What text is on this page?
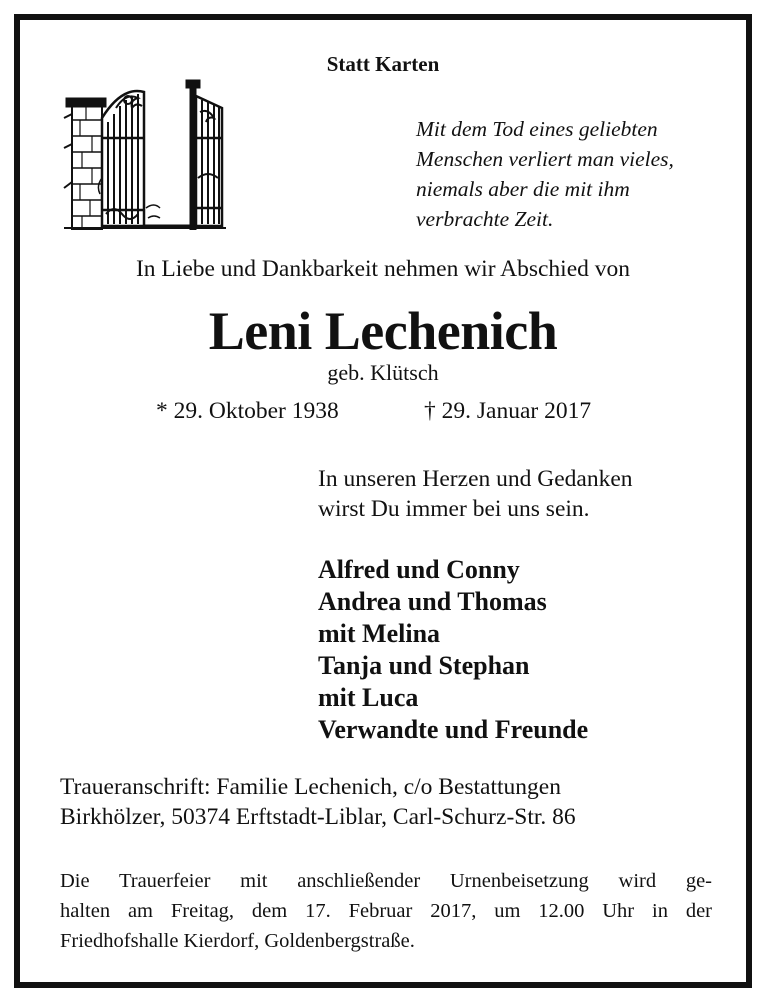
Statt Karten
Mit dem Tod eines geliebten
Menschen verliert man vieles,
niemals aber die mit ihm
verbrachte Zeit.
In Liebe und Dankbarkeit nehmen wir Abschied von
Leni Lechenich
geb. Klütsch
* 29. Oktober 1938	† 29. Januar 2017
In unseren Herzen und Gedanken
wirst Du immer bei uns sein.
Alfred und Conny
Andrea und Thomas
mit Melina
Tanja und Stephan
mit Luca
Verwandte und Freunde
Traueranschrift: Familie Lechenich, c/o Bestattungen
Birkhölzer, 50374 Erftstadt-Liblar, Carl-Schurz-Str. 86
Die Trauerfeier mit anschließender Urnenbeisetzung wird ge-
halten am Freitag, dem 17. Februar 2017, um 12.00 Uhr in der
Friedhofshalle Kierdorf, Goldenbergstraße.
